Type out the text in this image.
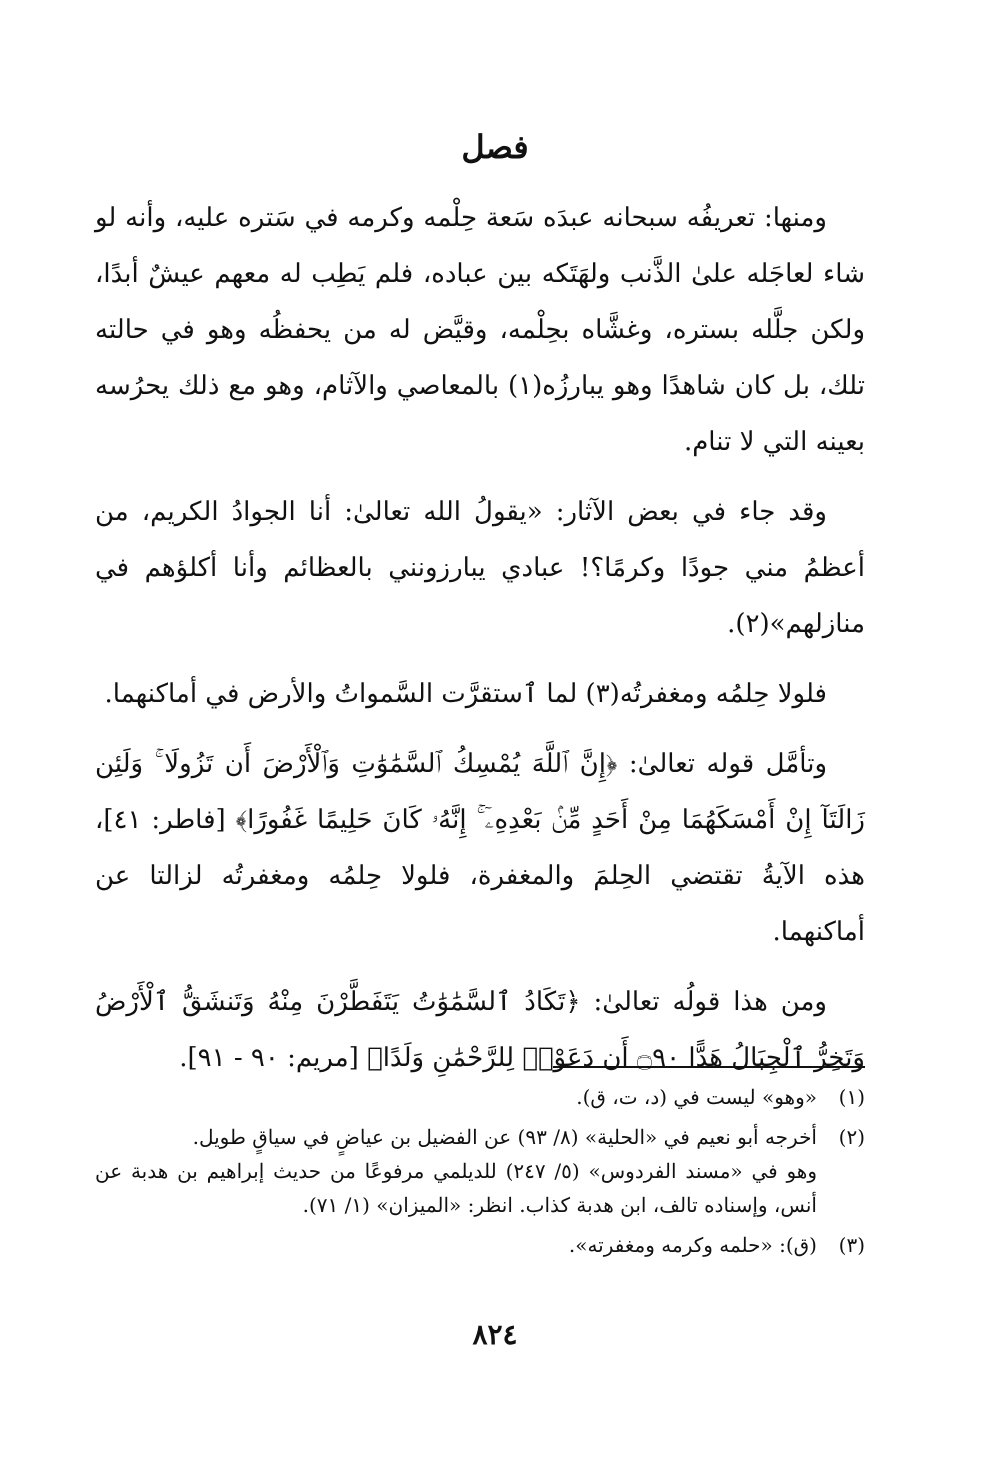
فصل

ومنها: تعريفُه سبحانه عبدَه سَعة حِلْمه وكرمه في سَتره عليه، وأنه لو شاء لعاجَله علىٰ الذَّنب ولهَتَكه بين عباده، فلم يَطِب له معهم عيشٌ أبدًا، ولكن جلَّله بستره، وغشَّاه بحِلْمه، وقيَّض له من يحفظُه وهو في حالته تلك، بل كان شاهدًا وهو يبارزُه(١) بالمعاصي والآثام، وهو مع ذلك يحرُسه بعينه التي لا تنام.

وقد جاء في بعض الآثار: «يقولُ الله تعالىٰ: أنا الجوادُ الكريم، من أعظمُ مني جودًا وكرمًا؟! عبادي يبارزونني بالعظائم وأنا أكلؤهم في منازلهم»(٢).

فلولا حِلمُه ومغفرتُه(٣) لما ٱستقرَّت السَّمواتُ والأرض في أماكنهما.

وتأمَّل قوله تعالىٰ: ﴿إِنَّ ٱللَّهَ يُمْسِكُ ٱلسَّمَٰوَٰتِ وَٱلْأَرْضَ أَن تَزُولَا ۚ وَلَئِن زَالَتَآ إِنْ أَمْسَكَهُمَا مِنْ أَحَدٍ مِّنۢ بَعْدِهِۦٓ ۚ إِنَّهُۥ كَانَ حَلِيمًا غَفُورًا﴾ [فاطر: ٤١]، هذه الآيةُ تقتضي الحِلمَ والمغفرة، فلولا حِلمُه ومغفرتُه لزالتا عن أماكنهما.

ومن هذا قولُه تعالىٰ: ﴿تَكَادُ ٱلسَّمَٰوَٰتُ يَتَفَطَّرْنَ مِنْهُ وَتَنشَقُّ ٱلْأَرْضُ وَتَخِرُّ ٱلْجِبَالُ هَدًّا ۝٩٠ أَن دَعَوْا۟ لِلرَّحْمَٰنِ وَلَدًا﴾ [مريم: ٩٠ - ٩١].

(١)

«وهو» ليست في (د، ت، ق).

(٢)

أخرجه أبو نعيم في «الحلية» (٨/ ٩٣) عن الفضيل بن عياضٍ في سياقٍ طويل.

وهو في «مسند الفردوس» (٥/ ٢٤٧) للديلمي مرفوعًا من حديث إبراهيم بن هدبة عن أنس، وإسناده تالف، ابن هدبة كذاب. انظر: «الميزان» (١/ ٧١).

(٣)

(ق): «حلمه وكرمه ومغفرته».

٨٢٤
